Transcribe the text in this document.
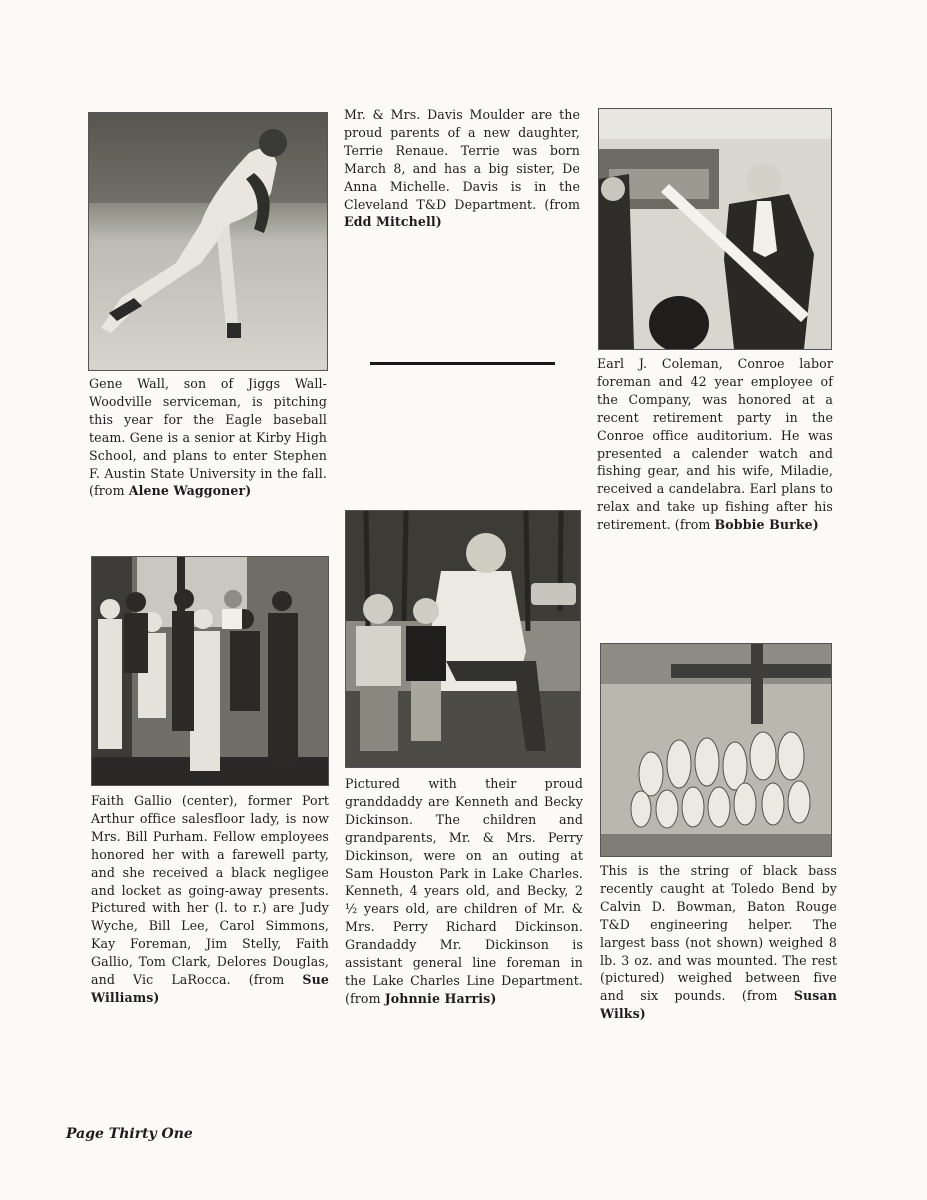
Gene Wall, son of Jiggs Wall-Woodville serviceman, is pitching this year for the Eagle baseball team. Gene is a senior at Kirby High School, and plans to enter Stephen F. Austin State University in the fall. (from Alene Waggoner)
Mr. & Mrs. Davis Moulder are the proud parents of a new daughter, Terrie Renaue. Terrie was born March 8, and has a big sister, De Anna Michelle. Davis is in the Cleveland T&D Department. (from Edd Mitchell)
Earl J. Coleman, Conroe labor foreman and 42 year employee of the Company, was honored at a recent retirement party in the Conroe office auditorium. He was presented a calender watch and fishing gear, and his wife, Miladie, received a candelabra. Earl plans to relax and take up fishing after his retirement. (from Bobbie Burke)
Faith Gallio (center), former Port Arthur office salesfloor lady, is now Mrs. Bill Purham. Fellow employees honored her with a farewell party, and she received a black negligee and locket as going-away presents. Pictured with her (l. to r.) are Judy Wyche, Bill Lee, Carol Simmons, Kay Foreman, Jim Stelly, Faith Gallio, Tom Clark, Delores Douglas, and Vic LaRocca. (from Sue Williams)
Pictured with their proud granddaddy are Kenneth and Becky Dickinson. The children and grandparents, Mr. & Mrs. Perry Dickinson, were on an outing at Sam Houston Park in Lake Charles. Kenneth, 4 years old, and Becky, 2 ½ years old, are children of Mr. & Mrs. Perry Richard Dickinson. Grandaddy Mr. Dickinson is assistant general line foreman in the Lake Charles Line Department. (from Johnnie Harris)
This is the string of black bass recently caught at Toledo Bend by Calvin D. Bowman, Baton Rouge T&D engineering helper. The largest bass (not shown) weighed 8 lb. 3 oz. and was mounted. The rest (pictured) weighed between five and six pounds. (from Susan Wilks)
Page Thirty One
